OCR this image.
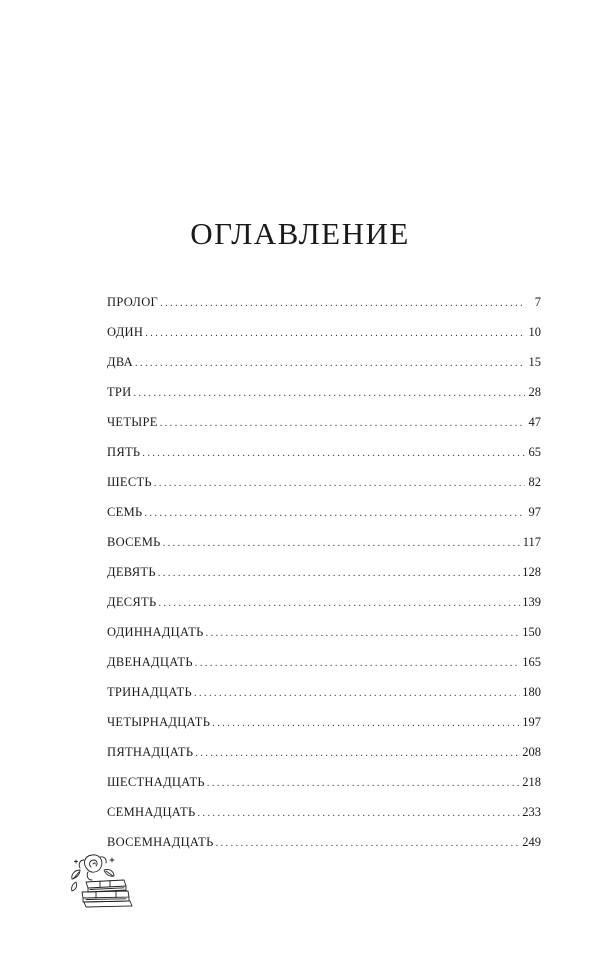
ОГЛАВЛЕНИЕ
ПРОЛОГ . . .	7
ОДИН . . .	10
ДВА . . .	15
ТРИ . . .	28
ЧЕТЫРЕ . . .	47
ПЯТЬ . . .	65
ШЕСТЬ . . .	82
СЕМЬ . . .	97
ВОСЕМЬ . . .	117
ДЕВЯТЬ . . .	128
ДЕСЯТЬ . . .	139
ОДИННАДЦАТЬ . . .	150
ДВЕНАДЦАТЬ . . .	165
ТРИНАДЦАТЬ . . .	180
ЧЕТЫРНАДЦАТЬ . . .	197
ПЯТНАДЦАТЬ . . .	208
ШЕСТНАДЦАТЬ . . .	218
СЕМНАДЦАТЬ . . .	233
ВОСЕМНАДЦАТЬ . . .	249
